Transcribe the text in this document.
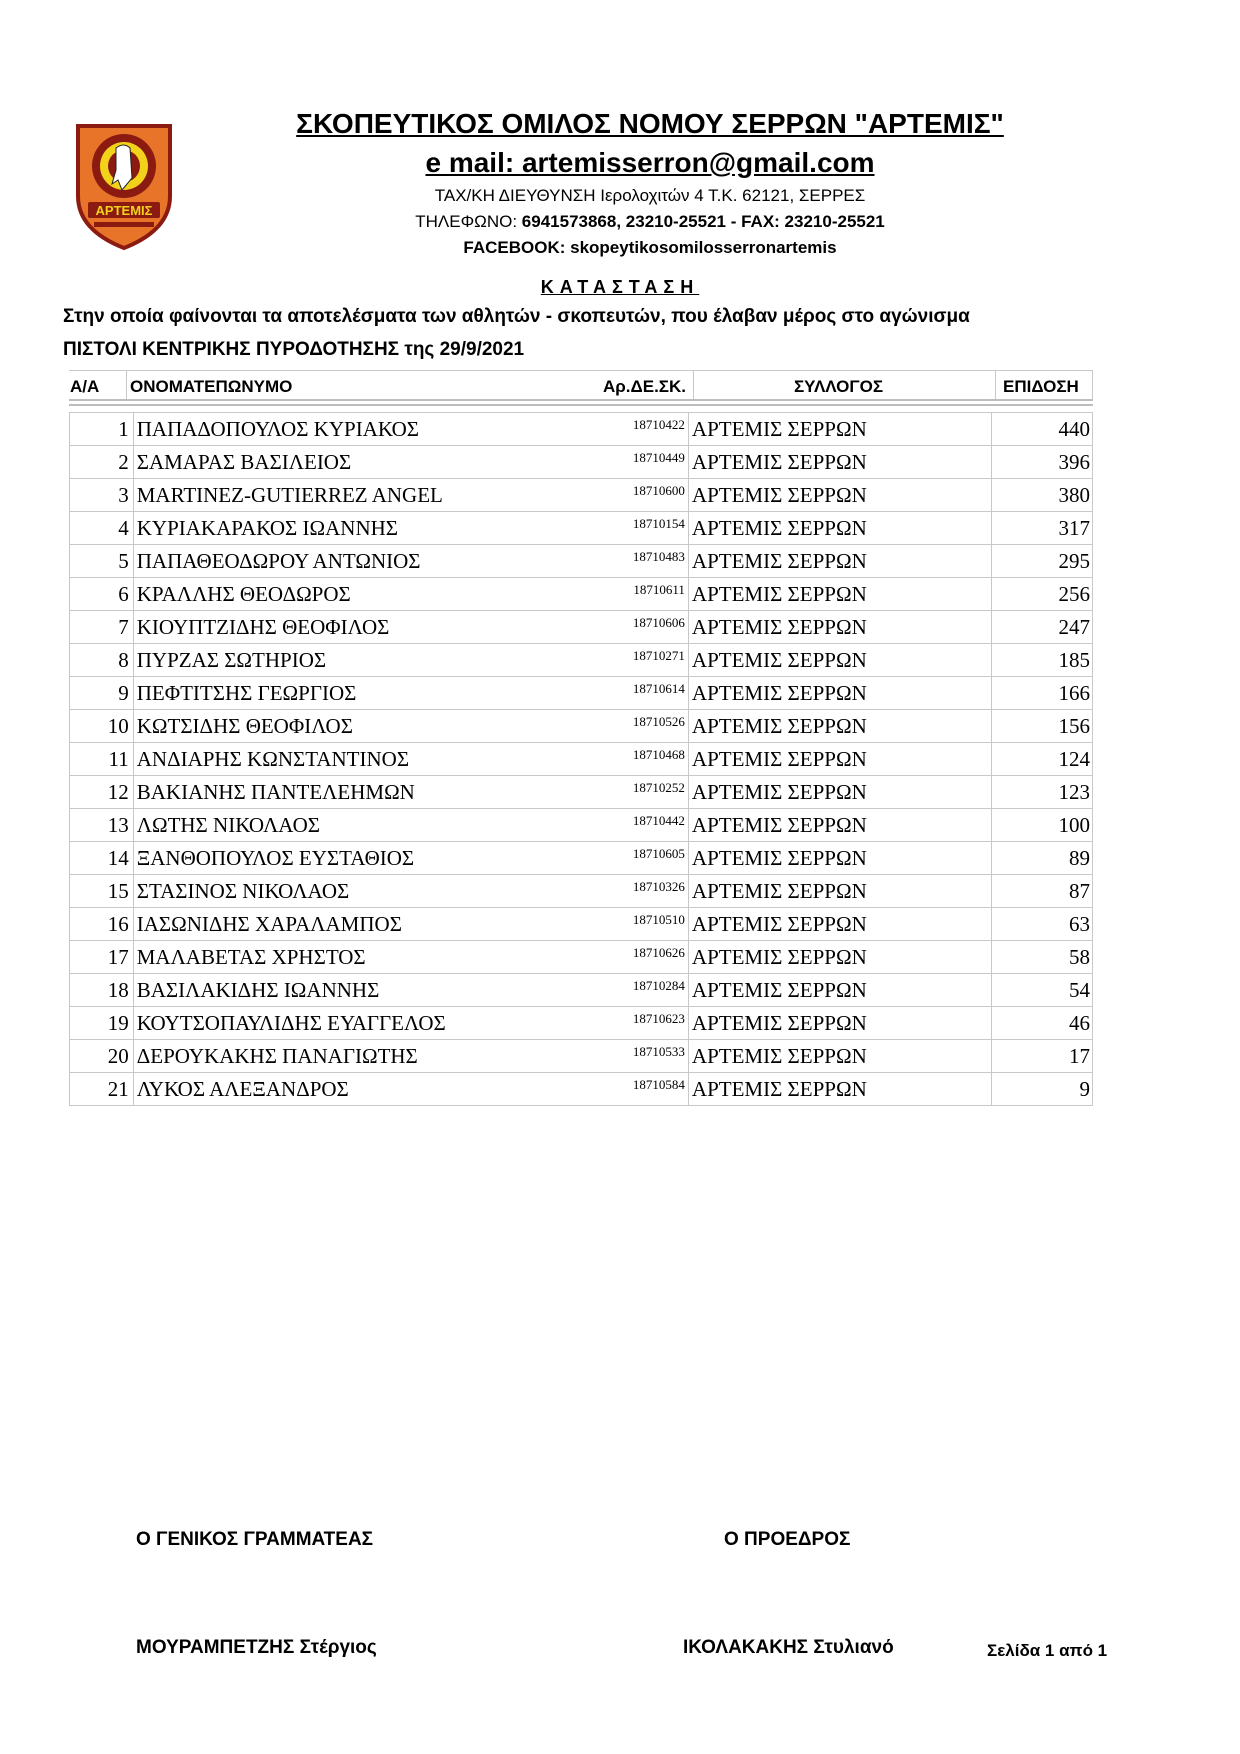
ΑΡΤΕΜΙΣ
ΣΚΟΠΕΥΤΙΚΟΣ ΟΜΙΛΟΣ ΝΟΜΟΥ ΣΕΡΡΩΝ "ΑΡΤΕΜΙΣ"
e mail: artemisserron@gmail.com
ΤΑΧ/ΚΗ ΔΙΕΥΘΥΝΣΗ Ιερολοχιτών 4 Τ.Κ. 62121, ΣΕΡΡΕΣ
ΤΗΛΕΦΩΝΟ: 6941573868, 23210-25521 - FAX: 23210-25521
FACEBOOK: skopeytikosomilosserronartemis
ΚΑΤΑΣΤΑΣΗ
Στην οποία φαίνονται τα αποτελέσματα των αθλητών - σκοπευτών, που έλαβαν μέρος στο αγώνισμα
ΠΙΣΤΟΛΙ ΚΕΝΤΡΙΚΗΣ ΠΥΡΟΔΟΤΗΣΗΣ της 29/9/2021
Α/Α ΟΝΟΜΑΤΕΠΩΝΥΜΟ	Αρ.ΔΕ.ΣΚ.	ΣΥΛΛΟΓΟΣ	ΕΠΙΔΟΣΗ
1	ΠΑΠΑΔΟΠΟΥΛΟΣ ΚΥΡΙΑΚΟΣ	18710422	ΑΡΤΕΜΙΣ ΣΕΡΡΩΝ	440
2	ΣΑΜΑΡΑΣ ΒΑΣΙΛΕΙΟΣ	18710449	ΑΡΤΕΜΙΣ ΣΕΡΡΩΝ	396
3	MARTINEZ-GUTIERREZ ANGEL	18710600	ΑΡΤΕΜΙΣ ΣΕΡΡΩΝ	380
4	ΚΥΡΙΑΚΑΡΑΚΟΣ ΙΩΑΝΝΗΣ	18710154	ΑΡΤΕΜΙΣ ΣΕΡΡΩΝ	317
5	ΠΑΠΑΘΕΟΔΩΡΟΥ ΑΝΤΩΝΙΟΣ	18710483	ΑΡΤΕΜΙΣ ΣΕΡΡΩΝ	295
6	ΚΡΑΛΛΗΣ ΘΕΟΔΩΡΟΣ	18710611	ΑΡΤΕΜΙΣ ΣΕΡΡΩΝ	256
7	ΚΙΟΥΠΤΖΙΔΗΣ ΘΕΟΦΙΛΟΣ	18710606	ΑΡΤΕΜΙΣ ΣΕΡΡΩΝ	247
8	ΠΥΡΖΑΣ ΣΩΤΗΡΙΟΣ	18710271	ΑΡΤΕΜΙΣ ΣΕΡΡΩΝ	185
9	ΠΕΦΤΙΤΣΗΣ ΓΕΩΡΓΙΟΣ	18710614	ΑΡΤΕΜΙΣ ΣΕΡΡΩΝ	166
10	ΚΩΤΣΙΔΗΣ ΘΕΟΦΙΛΟΣ	18710526	ΑΡΤΕΜΙΣ ΣΕΡΡΩΝ	156
11	ΑΝΔΙΑΡΗΣ ΚΩΝΣΤΑΝΤΙΝΟΣ	18710468	ΑΡΤΕΜΙΣ ΣΕΡΡΩΝ	124
12	ΒΑΚΙΑΝΗΣ ΠΑΝΤΕΛΕΗΜΩΝ	18710252	ΑΡΤΕΜΙΣ ΣΕΡΡΩΝ	123
13	ΛΩΤΗΣ ΝΙΚΟΛΑΟΣ	18710442	ΑΡΤΕΜΙΣ ΣΕΡΡΩΝ	100
14	ΞΑΝΘΟΠΟΥΛΟΣ ΕΥΣΤΑΘΙΟΣ	18710605	ΑΡΤΕΜΙΣ ΣΕΡΡΩΝ	89
15	ΣΤΑΣΙΝΟΣ ΝΙΚΟΛΑΟΣ	18710326	ΑΡΤΕΜΙΣ ΣΕΡΡΩΝ	87
16	ΙΑΣΩΝΙΔΗΣ ΧΑΡΑΛΑΜΠΟΣ	18710510	ΑΡΤΕΜΙΣ ΣΕΡΡΩΝ	63
17	ΜΑΛΑΒΕΤΑΣ ΧΡΗΣΤΟΣ	18710626	ΑΡΤΕΜΙΣ ΣΕΡΡΩΝ	58
18	ΒΑΣΙΛΑΚΙΔΗΣ ΙΩΑΝΝΗΣ	18710284	ΑΡΤΕΜΙΣ ΣΕΡΡΩΝ	54
19	ΚΟΥΤΣΟΠΑΥΛΙΔΗΣ ΕΥΑΓΓΕΛΟΣ	18710623	ΑΡΤΕΜΙΣ ΣΕΡΡΩΝ	46
20	ΔΕΡΟΥΚΑΚΗΣ ΠΑΝΑΓΙΩΤΗΣ	18710533	ΑΡΤΕΜΙΣ ΣΕΡΡΩΝ	17
21	ΛΥΚΟΣ ΑΛΕΞΑΝΔΡΟΣ	18710584	ΑΡΤΕΜΙΣ ΣΕΡΡΩΝ	9
Ο ΓΕΝΙΚΟΣ ΓΡΑΜΜΑΤΕΑΣ	Ο ΠΡΟΕΔΡΟΣ
ΜΟΥΡΑΜΠΕΤΖΗΣ Στέργιος	ΙΚΟΛΑΚΑΚΗΣ Στυλιανό	Σελίδα 1 από 1
